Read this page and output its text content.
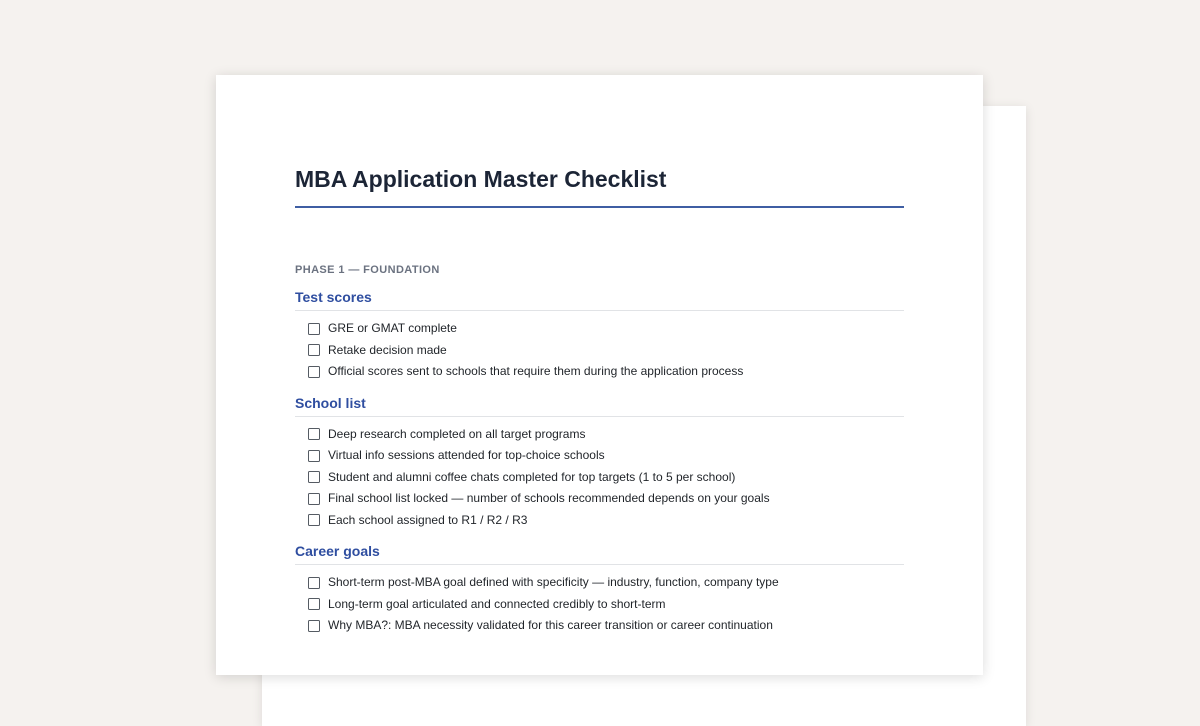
MBA Application Master Checklist
PHASE 1 — FOUNDATION
Test scores
GRE or GMAT complete
Retake decision made
Official scores sent to schools that require them during the application process
School list
Deep research completed on all target programs
Virtual info sessions attended for top-choice schools
Student and alumni coffee chats completed for top targets (1 to 5 per school)
Final school list locked — number of schools recommended depends on your goals
Each school assigned to R1 / R2 / R3
Career goals
Short-term post-MBA goal defined with specificity — industry, function, company type
Long-term goal articulated and connected credibly to short-term
Why MBA?: MBA necessity validated for this career transition or career continuation
